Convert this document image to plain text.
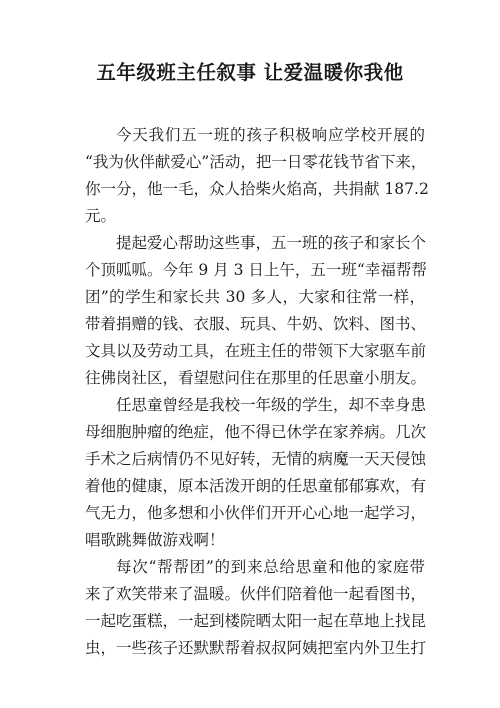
五年级班主任叙事 让爱温暖你我他
今天我们五一班的孩子积极响应学校开展的
“我为伙伴献爱心”活动，把一日零花钱节省下来，
你一分，他一毛，众人拾柴火焰高，共捐献 187.2
元。
提起爱心帮助这些事，五一班的孩子和家长个
个顶呱呱。今年 9 月 3 日上午，五一班“幸福帮帮
团”的学生和家长共 30 多人，大家和往常一样，
带着捐赠的钱、衣服、玩具、牛奶、饮料、图书、
文具以及劳动工具，在班主任的带领下大家驱车前
往佛岗社区，看望慰问住在那里的任思童小朋友。
任思童曾经是我校一年级的学生，却不幸身患
母细胞肿瘤的绝症，他不得已休学在家养病。几次
手术之后病情仍不见好转，无情的病魔一天天侵蚀
着他的健康，原本活泼开朗的任思童郁郁寡欢，有
气无力，他多想和小伙伴们开开心心地一起学习，
唱歌跳舞做游戏啊！
每次“帮帮团”的到来总给思童和他的家庭带
来了欢笑带来了温暖。伙伴们陪着他一起看图书，
一起吃蛋糕，一起到楼院晒太阳一起在草地上找昆
虫，一些孩子还默默帮着叔叔阿姨把室内外卫生打
